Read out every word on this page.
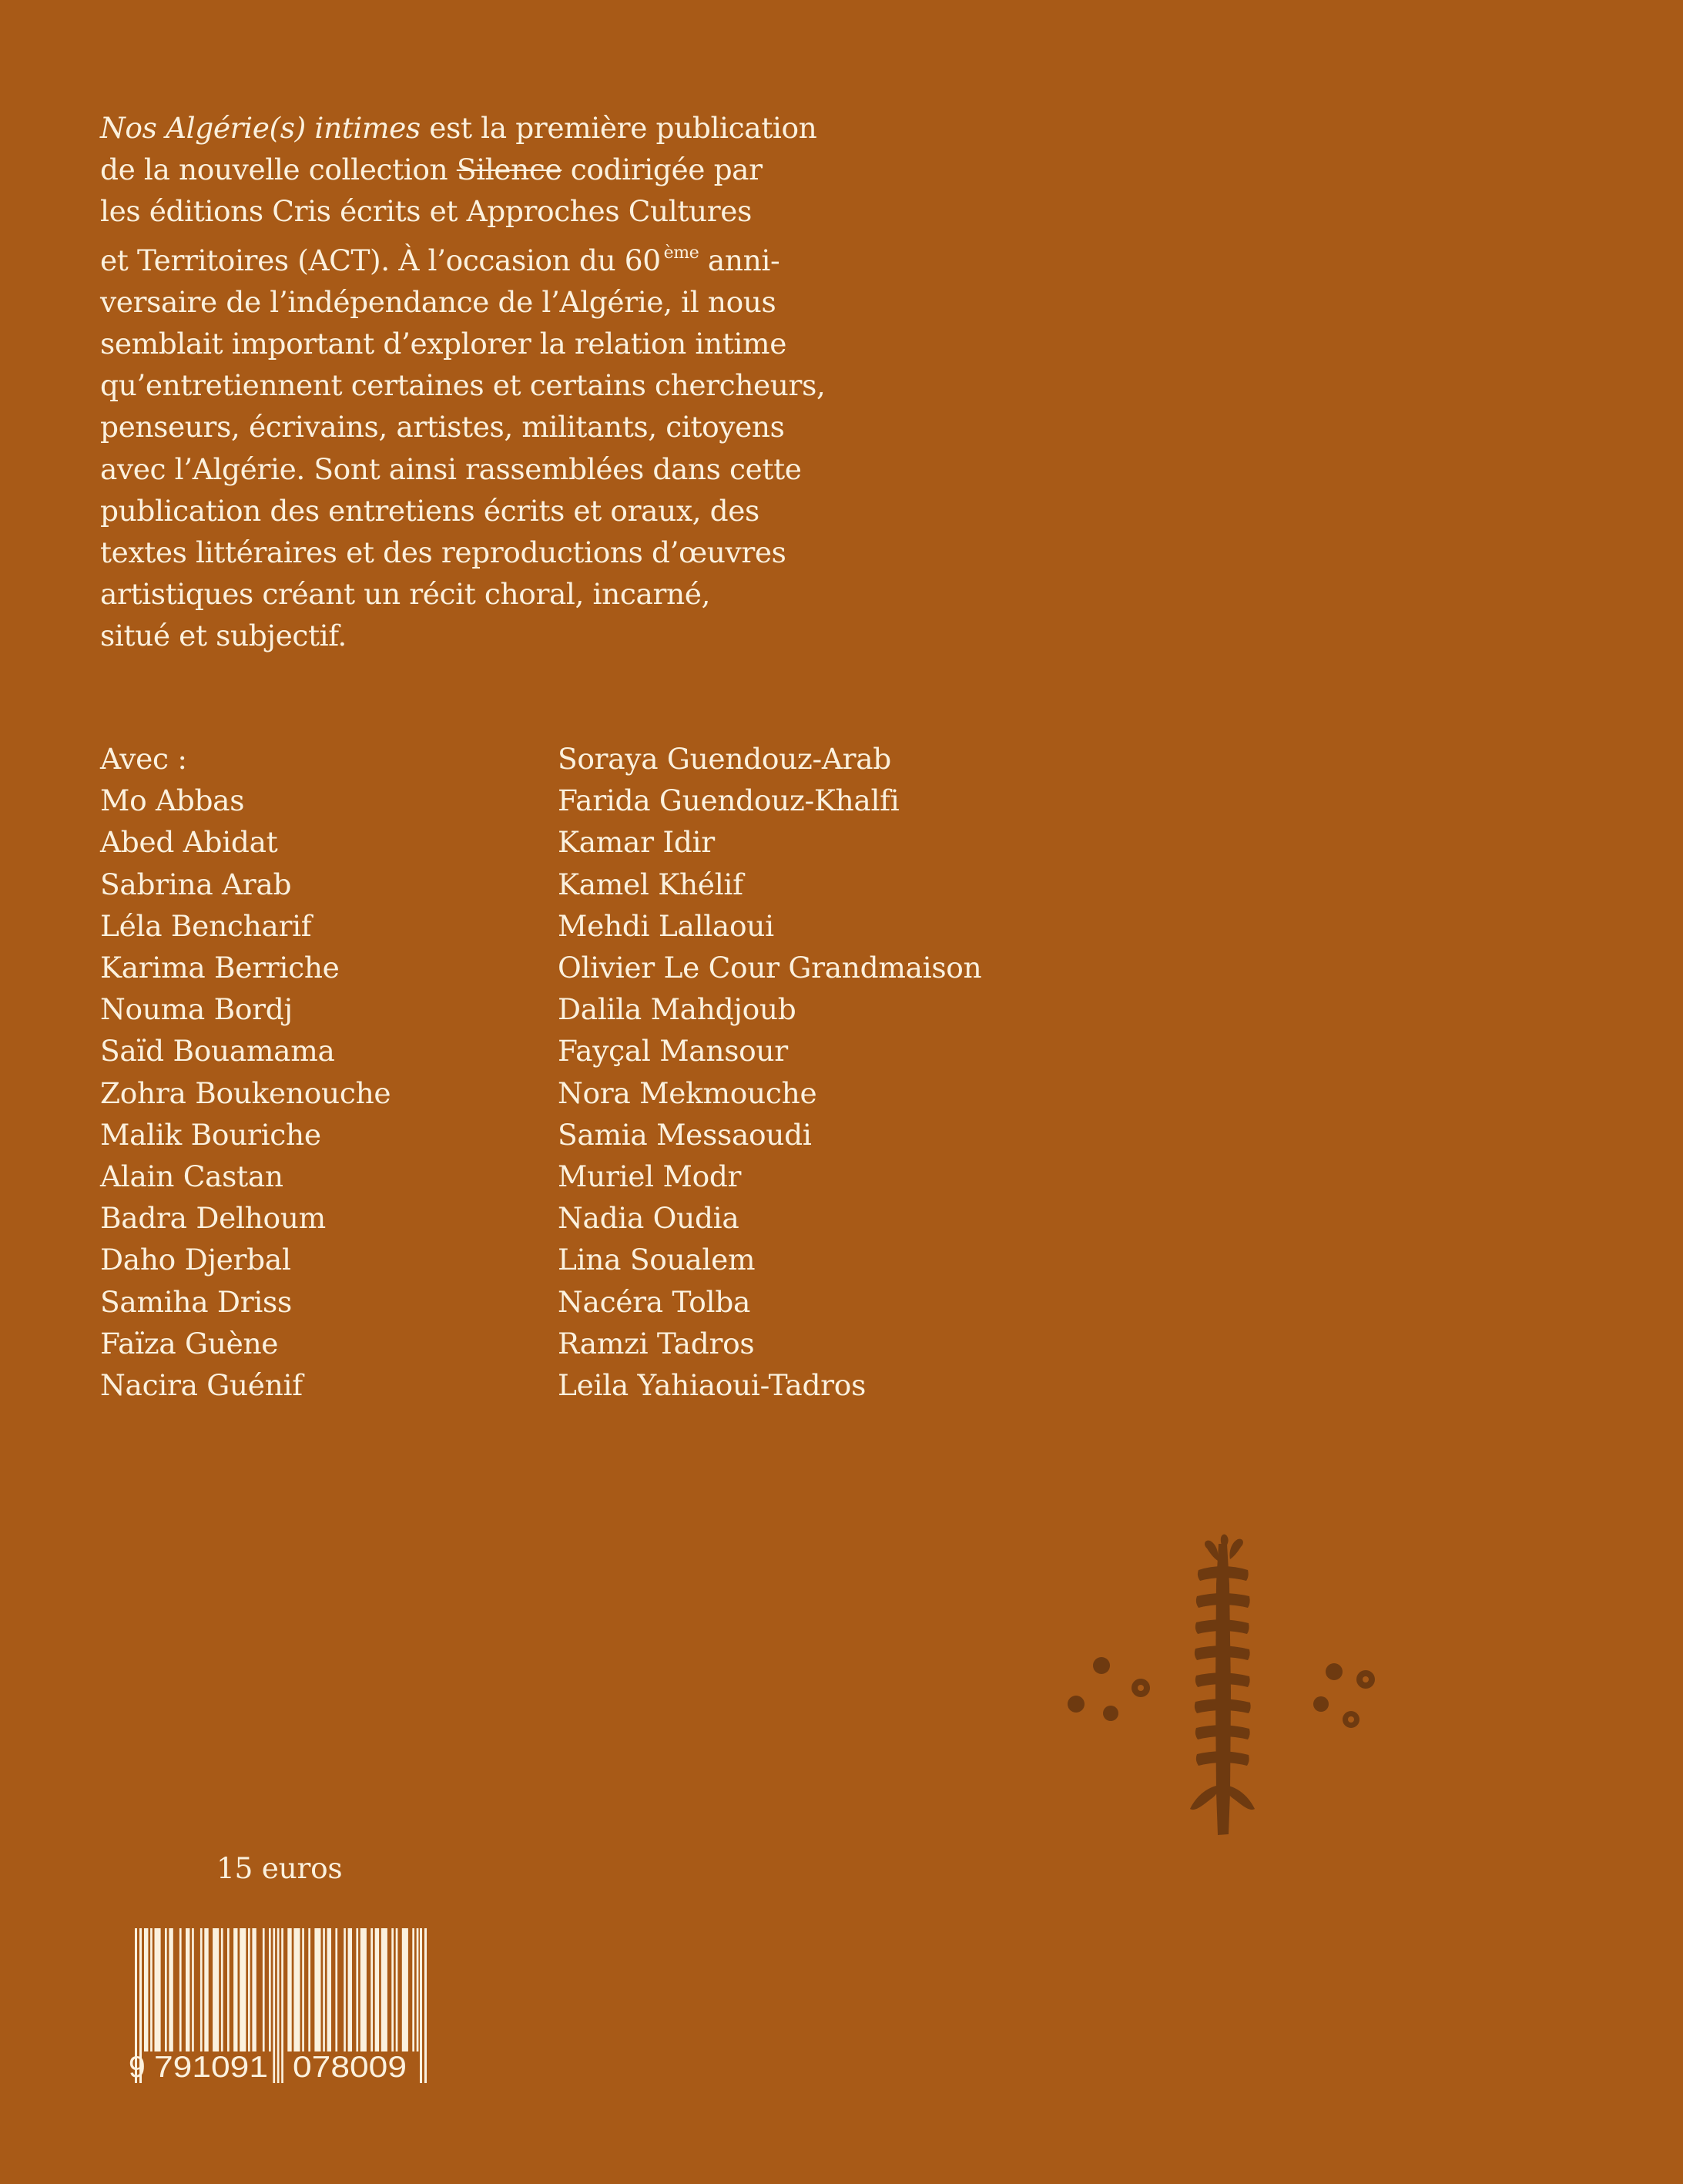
Nos Algérie(s) intimes est la première publication
de la nouvelle collection Silence codirigée par
les éditions Cris écrits et Approches Cultures
et Territoires (ACT). À l’occasion du 60 $^{ème}$ anni-
versaire de l’indépendance de l’Algérie, il nous
semblait important d’explorer la relation intime
qu’entretiennent certaines et certains chercheurs,
penseurs, écrivains, artistes, militants, citoyens
avec l’Algérie. Sont ainsi rassemblées dans cette
publication des entretiens écrits et oraux, des
textes littéraires et des reproductions d’œuvres
artistiques créant un récit choral, incarné,
situé et subjectif.
Avec :
Mo Abbas
Abed Abidat
Sabrina Arab
Léla Bencharif
Karima Berriche
Nouma Bordj
Saïd Bouamama
Zohra Boukenouche
Malik Bouriche
Alain Castan
Badra Delhoum
Daho Djerbal
Samiha Driss
Faïza Guène
Nacira Guénif
Soraya Guendouz-Arab
Farida Guendouz-Khalfi
Kamar Idir
Kamel Khélif
Mehdi Lallaoui
Olivier Le Cour Grandmaison
Dalila Mahdjoub
Fayçal Mansour
Nora Mekmouche
Samia Messaoudi
Muriel Modr
Nadia Oudia
Lina Soualem
Nacéra Tolba
Ramzi Tadros
Leila Yahiaoui-Tadros
15 euros
9 791091 078009
